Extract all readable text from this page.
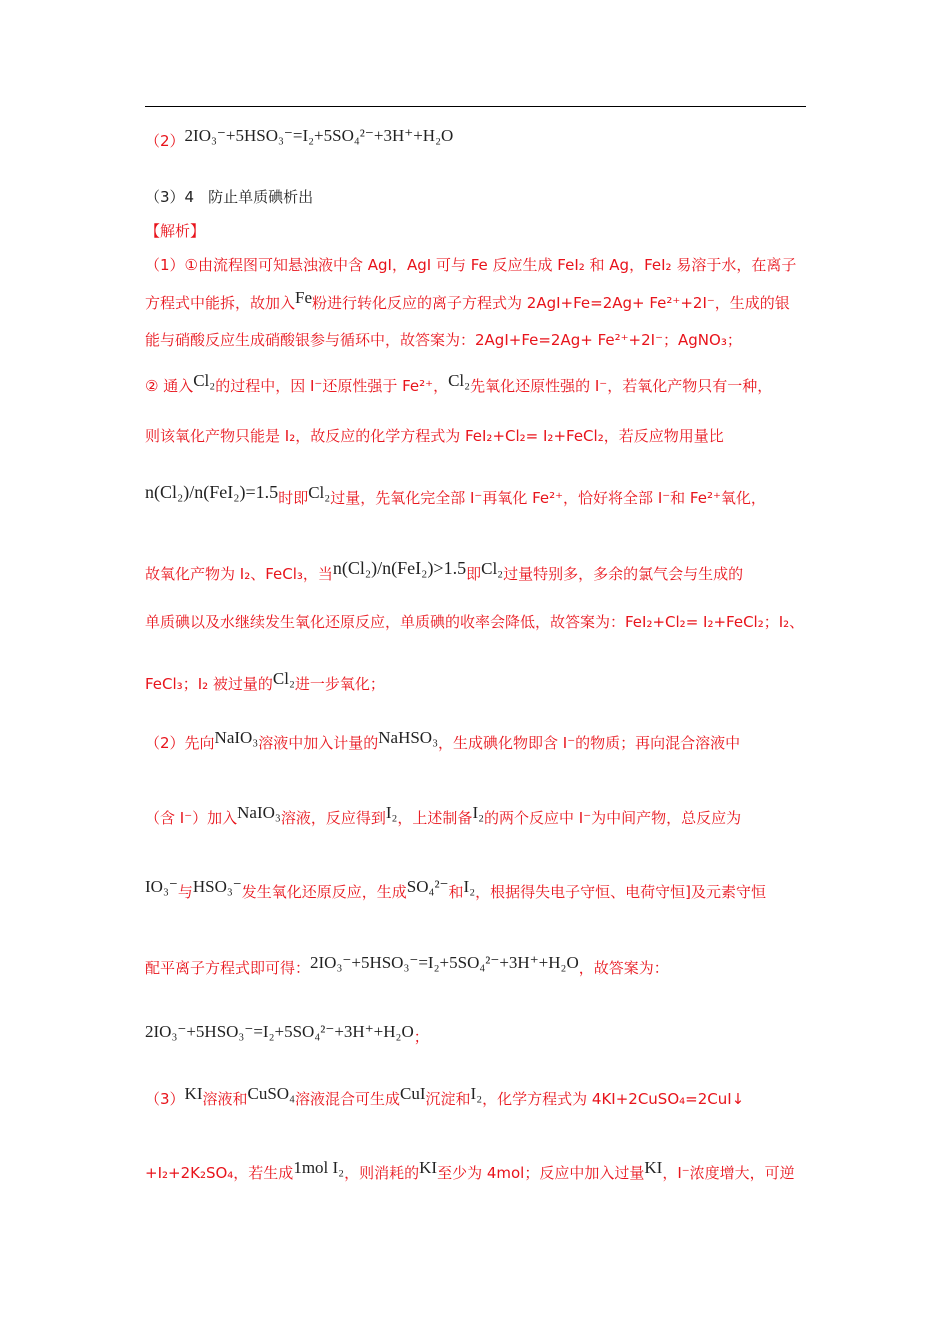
（2）2IO₃⁻+5HSO₃⁻=I₂+5SO₄²⁻+3H⁺+H₂O
（3）4 防止单质碘析出
【解析】
（1）①由流程图可知悬浊液中含 AgI，AgI 可与 Fe 反应生成 FeI₂ 和 Ag，FeI₂ 易溶于水，在离子
方程式中能拆，故加入Fe粉进行转化反应的离子方程式为 2AgI+Fe=2Ag+ Fe²⁺+2I⁻，生成的银
能与硝酸反应生成硝酸银参与循环中，故答案为：2AgI+Fe=2Ag+ Fe²⁺+2I⁻；AgNO₃；
② 通入Cl₂的过程中，因 I⁻还原性强于 Fe²⁺，Cl₂先氧化还原性强的 I⁻，若氧化产物只有一种，
则该氧化产物只能是 I₂，故反应的化学方程式为 FeI₂+Cl₂= I₂+FeCl₂，若反应物用量比
n(Cl₂)/n(FeI₂)=1.5时即Cl₂过量，先氧化完全部 I⁻再氧化 Fe²⁺，恰好将全部 I⁻和 Fe²⁺氧化，
故氧化产物为 I₂、FeCl₃，当n(Cl₂)/n(FeI₂)>1.5即Cl₂过量特别多，多余的氯气会与生成的
单质碘以及水继续发生氧化还原反应，单质碘的收率会降低，故答案为：FeI₂+Cl₂= I₂+FeCl₂；I₂、
FeCl₃；I₂ 被过量的Cl₂进一步氧化；
（2）先向NaIO₃溶液中加入计量的NaHSO₃，生成碘化物即含 I⁻的物质；再向混合溶液中
（含 I⁻）加入NaIO₃溶液，反应得到I₂，上述制备I₂的两个反应中 I⁻为中间产物，总反应为
IO₃⁻与HSO₃⁻发生氧化还原反应，生成SO₄²⁻和I₂，根据得失电子守恒、电荷守恒]及元素守恒
配平离子方程式即可得：2IO₃⁻+5HSO₃⁻=I₂+5SO₄²⁻+3H⁺+H₂O，故答案为：
2IO₃⁻+5HSO₃⁻=I₂+5SO₄²⁻+3H⁺+H₂O；
（3）KI溶液和CuSO₄溶液混合可生成CuI沉淀和I₂，化学方程式为 4KI+2CuSO₄=2CuI↓
+I₂+2K₂SO₄，若生成1mol I₂，则消耗的KI至少为 4mol；反应中加入过量KI，I⁻浓度增大，可逆
